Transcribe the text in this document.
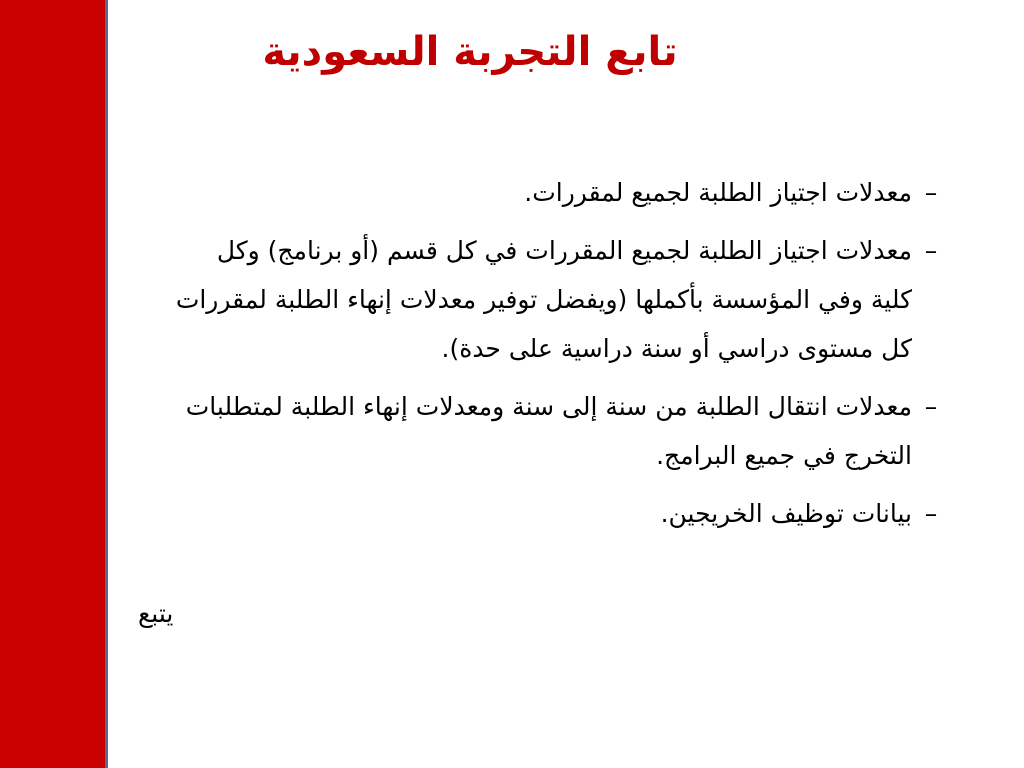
تابع التجربة السعودية
–
معدلات اجتياز الطلبة لجميع لمقررات.
–
معدلات اجتياز الطلبة لجميع المقررات في كل قسم (أو برنامج) وكل كلية وفي المؤسسة بأكملها (ويفضل توفير معدلات إنهاء الطلبة لمقررات كل مستوى دراسي أو سنة دراسية على حدة).
–
معدلات انتقال الطلبة من سنة إلى سنة ومعدلات إنهاء الطلبة لمتطلبات التخرج في جميع البرامج.
–
بيانات توظيف الخريجين.
يتبع
